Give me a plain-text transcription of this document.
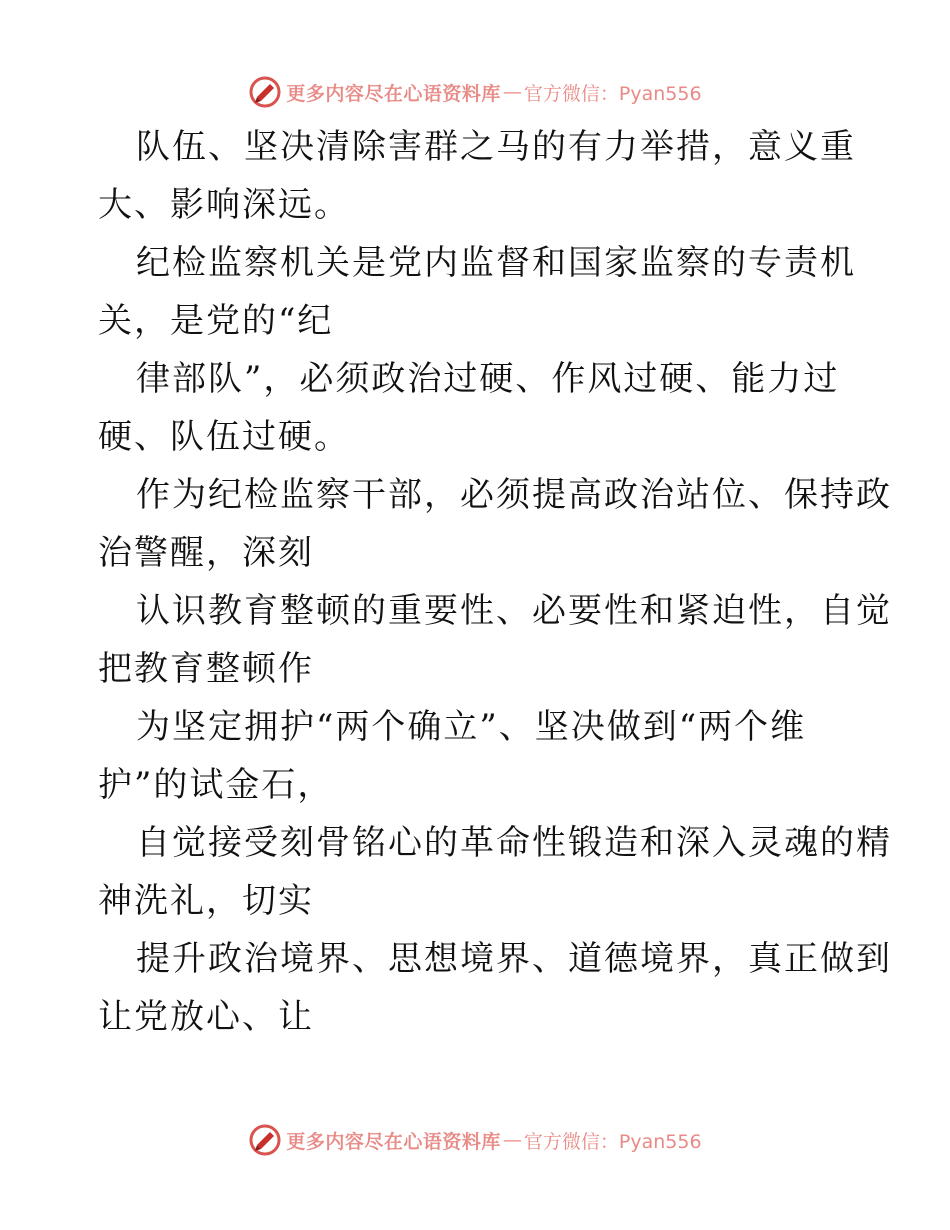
更多内容尽在心语资料库 — 官方微信：Pyan556
队伍、坚决清除害群之马的有力举措，意义重
大、影响深远。
纪检监察机关是党内监督和国家监察的专责机
关，是党的“纪
律部队”，必须政治过硬、作风过硬、能力过
硬、队伍过硬。
作为纪检监察干部，必须提高政治站位、保持政
治警醒，深刻
认识教育整顿的重要性、必要性和紧迫性，自觉
把教育整顿作
为坚定拥护“两个确立”、坚决做到“两个维
护”的试金石，
自觉接受刻骨铭心的革命性锻造和深入灵魂的精
神洗礼，切实
提升政治境界、思想境界、道德境界，真正做到
让党放心、让
更多内容尽在心语资料库 — 官方微信：Pyan556
